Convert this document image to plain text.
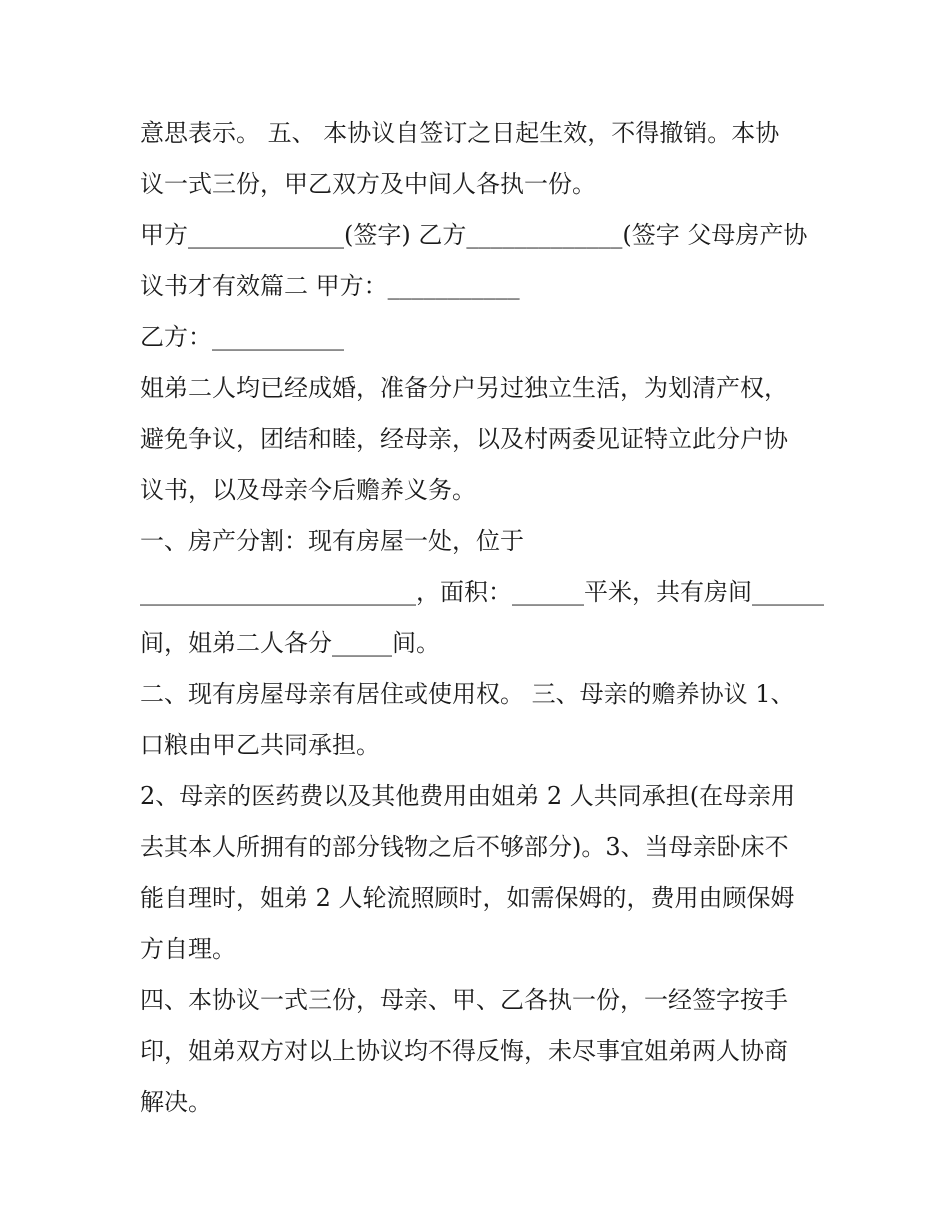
意思表示。 五、 本协议自签订之日起生效，不得撤销。本协
议一式三份，甲乙双方及中间人各执一份。
甲方_____________(签字) 乙方_____________(签字 父母房产协
议书才有效篇二 甲方：___________
乙方：___________
姐弟二人均已经成婚，准备分户另过独立生活，为划清产权，
避免争议，团结和睦，经母亲，以及村两委见证特立此分户协
议书，以及母亲今后赡养义务。
一、房产分割：现有房屋一处，位于
_______________________，面积：______平米，共有房间______
间，姐弟二人各分_____间。
二、现有房屋母亲有居住或使用权。 三、母亲的赡养协议 1、
口粮由甲乙共同承担。
2、母亲的医药费以及其他费用由姐弟 2 人共同承担(在母亲用
去其本人所拥有的部分钱物之后不够部分)。3、当母亲卧床不
能自理时，姐弟 2 人轮流照顾时，如需保姆的，费用由顾保姆
方自理。
四、本协议一式三份，母亲、甲、乙各执一份，一经签字按手
印，姐弟双方对以上协议均不得反悔，未尽事宜姐弟两人协商
解决。
